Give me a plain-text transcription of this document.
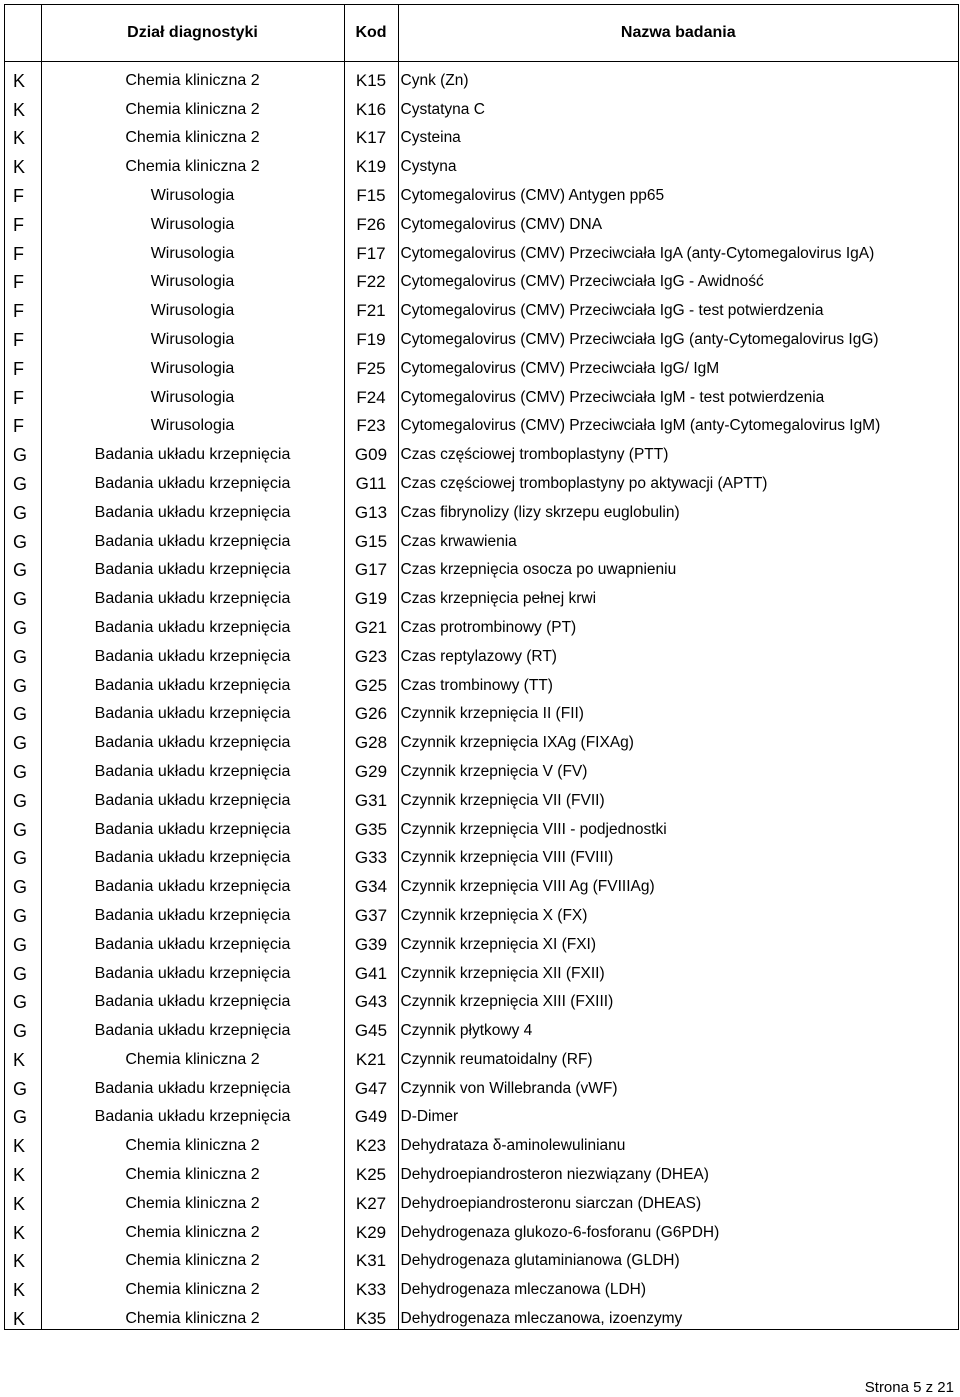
	Dział diagnostyki	Kod	Nazwa badania
K	Chemia kliniczna 2	K15	Cynk (Zn)
K	Chemia kliniczna 2	K16	Cystatyna C
K	Chemia kliniczna 2	K17	Cysteina
K	Chemia kliniczna 2	K19	Cystyna
F	Wirusologia	F15	Cytomegalovirus (CMV) Antygen pp65
F	Wirusologia	F26	Cytomegalovirus (CMV) DNA
F	Wirusologia	F17	Cytomegalovirus (CMV) Przeciwciała IgA (anty-Cytomegalovirus IgA)
F	Wirusologia	F22	Cytomegalovirus (CMV) Przeciwciała IgG - Awidność
F	Wirusologia	F21	Cytomegalovirus (CMV) Przeciwciała IgG - test potwierdzenia
F	Wirusologia	F19	Cytomegalovirus (CMV) Przeciwciała IgG (anty-Cytomegalovirus IgG)
F	Wirusologia	F25	Cytomegalovirus (CMV) Przeciwciała IgG/ IgM
F	Wirusologia	F24	Cytomegalovirus (CMV) Przeciwciała IgM - test potwierdzenia
F	Wirusologia	F23	Cytomegalovirus (CMV) Przeciwciała IgM (anty-Cytomegalovirus IgM)
G	Badania układu krzepnięcia	G09	Czas częściowej tromboplastyny (PTT)
G	Badania układu krzepnięcia	G11	Czas częściowej tromboplastyny po aktywacji (APTT)
G	Badania układu krzepnięcia	G13	Czas fibrynolizy (lizy skrzepu euglobulin)
G	Badania układu krzepnięcia	G15	Czas krwawienia
G	Badania układu krzepnięcia	G17	Czas krzepnięcia osocza po uwapnieniu
G	Badania układu krzepnięcia	G19	Czas krzepnięcia pełnej krwi
G	Badania układu krzepnięcia	G21	Czas protrombinowy (PT)
G	Badania układu krzepnięcia	G23	Czas reptylazowy (RT)
G	Badania układu krzepnięcia	G25	Czas trombinowy (TT)
G	Badania układu krzepnięcia	G26	Czynnik krzepnięcia II (FII)
G	Badania układu krzepnięcia	G28	Czynnik krzepnięcia IXAg (FIXAg)
G	Badania układu krzepnięcia	G29	Czynnik krzepnięcia V (FV)
G	Badania układu krzepnięcia	G31	Czynnik krzepnięcia VII (FVII)
G	Badania układu krzepnięcia	G35	Czynnik krzepnięcia VIII - podjednostki
G	Badania układu krzepnięcia	G33	Czynnik krzepnięcia VIII (FVIII)
G	Badania układu krzepnięcia	G34	Czynnik krzepnięcia VIII Ag (FVIIIAg)
G	Badania układu krzepnięcia	G37	Czynnik krzepnięcia X (FX)
G	Badania układu krzepnięcia	G39	Czynnik krzepnięcia XI (FXI)
G	Badania układu krzepnięcia	G41	Czynnik krzepnięcia XII (FXII)
G	Badania układu krzepnięcia	G43	Czynnik krzepnięcia XIII (FXIII)
G	Badania układu krzepnięcia	G45	Czynnik płytkowy 4
K	Chemia kliniczna 2	K21	Czynnik reumatoidalny (RF)
G	Badania układu krzepnięcia	G47	Czynnik von Willebranda (vWF)
G	Badania układu krzepnięcia	G49	D-Dimer
K	Chemia kliniczna 2	K23	Dehydrataza δ-aminolewulinianu
K	Chemia kliniczna 2	K25	Dehydroepiandrosteron niezwiązany (DHEA)
K	Chemia kliniczna 2	K27	Dehydroepiandrosteronu siarczan (DHEAS)
K	Chemia kliniczna 2	K29	Dehydrogenaza glukozo-6-fosforanu (G6PDH)
K	Chemia kliniczna 2	K31	Dehydrogenaza glutaminianowa (GLDH)
K	Chemia kliniczna 2	K33	Dehydrogenaza mleczanowa (LDH)
K	Chemia kliniczna 2	K35	Dehydrogenaza mleczanowa, izoenzymy
Strona 5 z 21
